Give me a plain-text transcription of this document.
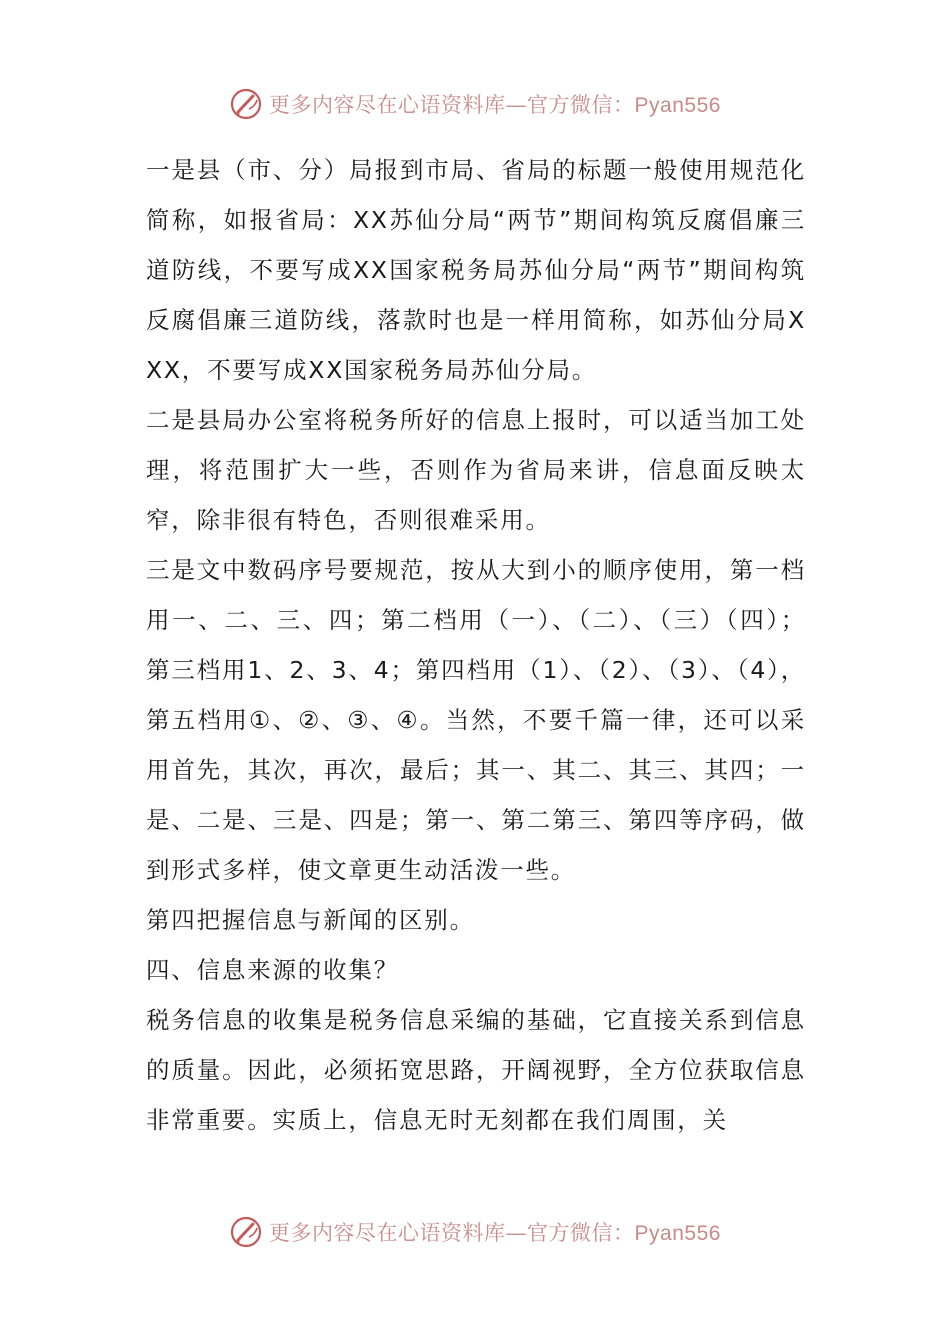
更多内容尽在心语资料库—官方微信：Pyan556

一是县（市、分）局报到市局、省局的标题一般使用规范化简称，如报省局：XX苏仙分局“两节”期间构筑反腐倡廉三道防线，不要写成XX国家税务局苏仙分局“两节”期间构筑反腐倡廉三道防线，落款时也是一样用简称，如苏仙分局XXX，不要写成XX国家税务局苏仙分局。

二是县局办公室将税务所好的信息上报时，可以适当加工处理，将范围扩大一些，否则作为省局来讲，信息面反映太窄，除非很有特色，否则很难采用。

三是文中数码序号要规范，按从大到小的顺序使用，第一档用一、二、三、四；第二档用（一）、（二）、（三）（四）；第三档用1、2、3、4；第四档用（1）、（2）、（3）、（4），第五档用①、②、③、④。当然，不要千篇一律，还可以采用首先，其次，再次，最后；其一、其二、其三、其四；一是、二是、三是、四是；第一、第二第三、第四等序码，做到形式多样，使文章更生动活泼一些。

第四把握信息与新闻的区别。

四、信息来源的收集？

税务信息的收集是税务信息采编的基础，它直接关系到信息的质量。因此，必须拓宽思路，开阔视野，全方位获取信息非常重要。实质上，信息无时无刻都在我们周围，关

更多内容尽在心语资料库—官方微信：Pyan556
